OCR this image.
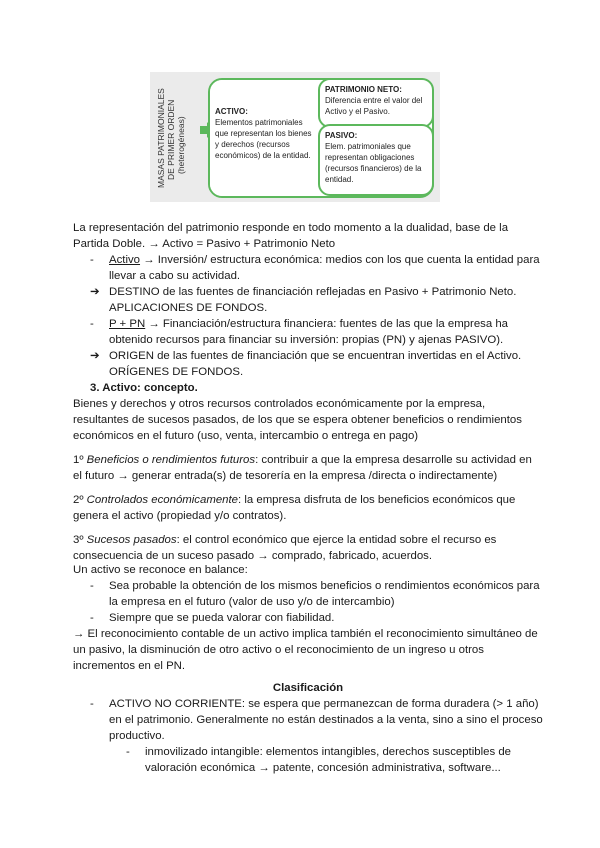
MASAS PATRIMONIALES DE PRIMER ORDEN (heterogéneas)
ACTIVO:
Elementos patrimoniales que representan los bienes y derechos (recursos económicos) de la entidad.
PATRIMONIO NETO:
Diferencia entre el valor del Activo y el Pasivo.
PASIVO:
Elem. patrimoniales que representan obligaciones (recursos financieros) de la entidad.

La representación del patrimonio responde en todo momento a la dualidad, base de la Partida Doble. → Activo = Pasivo + Patrimonio Neto

- Activo → Inversión/ estructura económica: medios con los que cuenta la entidad para llevar a cabo su actividad.
➔ DESTINO de las fuentes de financiación reflejadas en Pasivo + Patrimonio Neto. APLICACIONES DE FONDOS.
- P + PN → Financiación/estructura financiera: fuentes de las que la empresa ha obtenido recursos para financiar su inversión: propias (PN) y ajenas PASIVO).
➔ ORIGEN de las fuentes de financiación que se encuentran invertidas en el Activo. ORÍGENES DE FONDOS.

3. Activo: concepto.

Bienes y derechos y otros recursos controlados económicamente por la empresa, resultantes de sucesos pasados, de los que se espera obtener beneficios o rendimientos económicos en el futuro (uso, venta, intercambio o entrega en pago)

1º Beneficios o rendimientos futuros: contribuir a que la empresa desarrolle su actividad en el futuro → generar entrada(s) de tesorería en la empresa /directa o indirectamente)

2º Controlados económicamente: la empresa disfruta de los beneficios económicos que genera el activo (propiedad y/o contratos).

3º Sucesos pasados: el control económico que ejerce la entidad sobre el recurso es consecuencia de un suceso pasado → comprado, fabricado, acuerdos.

Un activo se reconoce en balance:

- Sea probable la obtención de los mismos beneficios o rendimientos económicos para la empresa en el futuro (valor de uso y/o de intercambio)
- Siempre que se pueda valorar con fiabilidad.

→ El reconocimiento contable de un activo implica también el reconocimiento simultáneo de un pasivo, la disminución de otro activo o el reconocimiento de un ingreso u otros incrementos en el PN.

Clasificación

- ACTIVO NO CORRIENTE: se espera que permanezcan de forma duradera (> 1 año) en el patrimonio. Generalmente no están destinados a la venta, sino a sino el proceso productivo.
- inmovilizado intangible: elementos intangibles, derechos susceptibles de valoración económica → patente, concesión administrativa, software...
